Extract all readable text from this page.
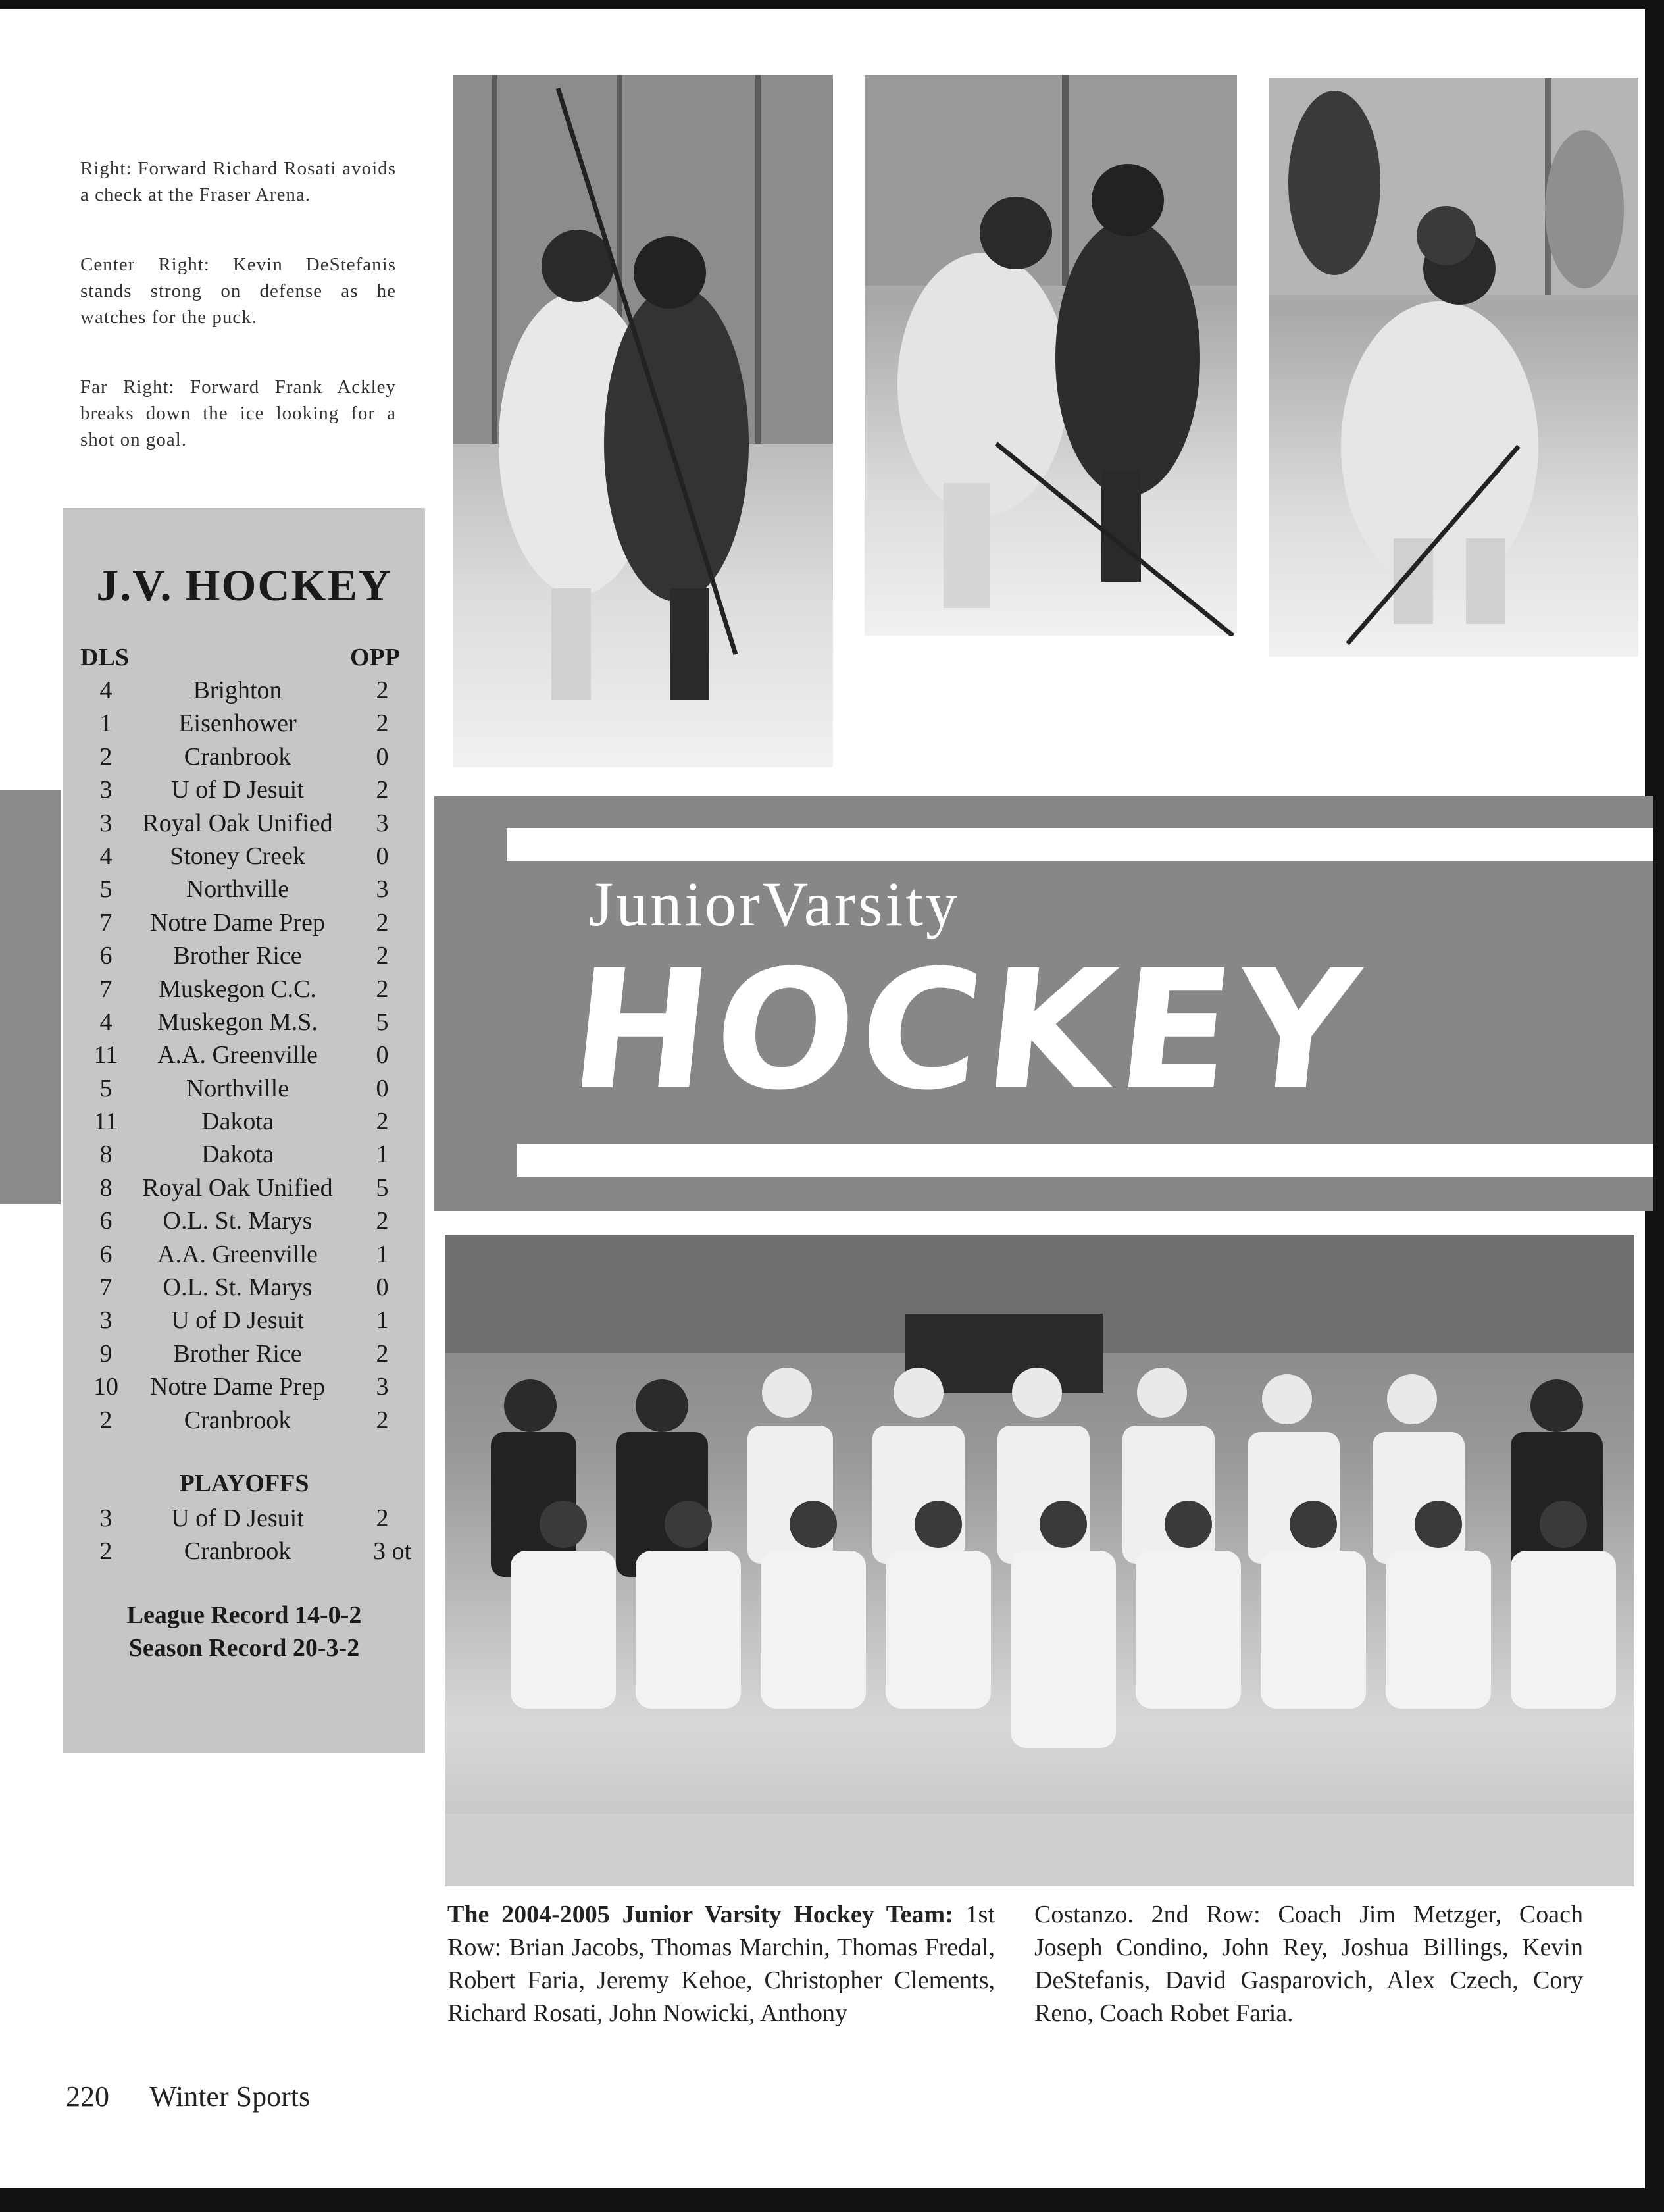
Right: Forward Richard Rosati avoids a check at the Fraser Arena.

Center Right: Kevin DeStefanis stands strong on defense as he watches for the puck.

Far Right: Forward Frank Ackley breaks down the ice looking for a shot on goal.

J.V. HOCKEY
DLS	OPP
4	Brighton	2
1	Eisenhower	2
2	Cranbrook	0
3	U of D Jesuit	2
3	Royal Oak Unified	3
4	Stoney Creek	0
5	Northville	3
7	Notre Dame Prep	2
6	Brother Rice	2
7	Muskegon C.C.	2
4	Muskegon M.S.	5
11	A.A. Greenville	0
5	Northville	0
11	Dakota	2
8	Dakota	1
8	Royal Oak Unified	5
6	O.L. St. Marys	2
6	A.A. Greenville	1
7	O.L. St. Marys	0
3	U of D Jesuit	1
9	Brother Rice	2
10	Notre Dame Prep	3
2	Cranbrook	2
PLAYOFFS
3	U of D Jesuit	2
2	Cranbrook	3 ot
League Record 14-0-2
Season Record 20-3-2
JuniorVarsity
HOCKEY
The 2004-2005 Junior Varsity Hockey Team: 1st Row: Brian Jacobs, Thomas Marchin, Thomas Fredal, Robert Faria, Jeremy Kehoe, Christopher Clements, Richard Rosati, John Nowicki, Anthony
Costanzo. 2nd Row: Coach Jim Metzger, Coach Joseph Condino, John Rey, Joshua Billings, Kevin DeStefanis, David Gasparovich, Alex Czech, Cory Reno, Coach Robet Faria.
220 Winter Sports
